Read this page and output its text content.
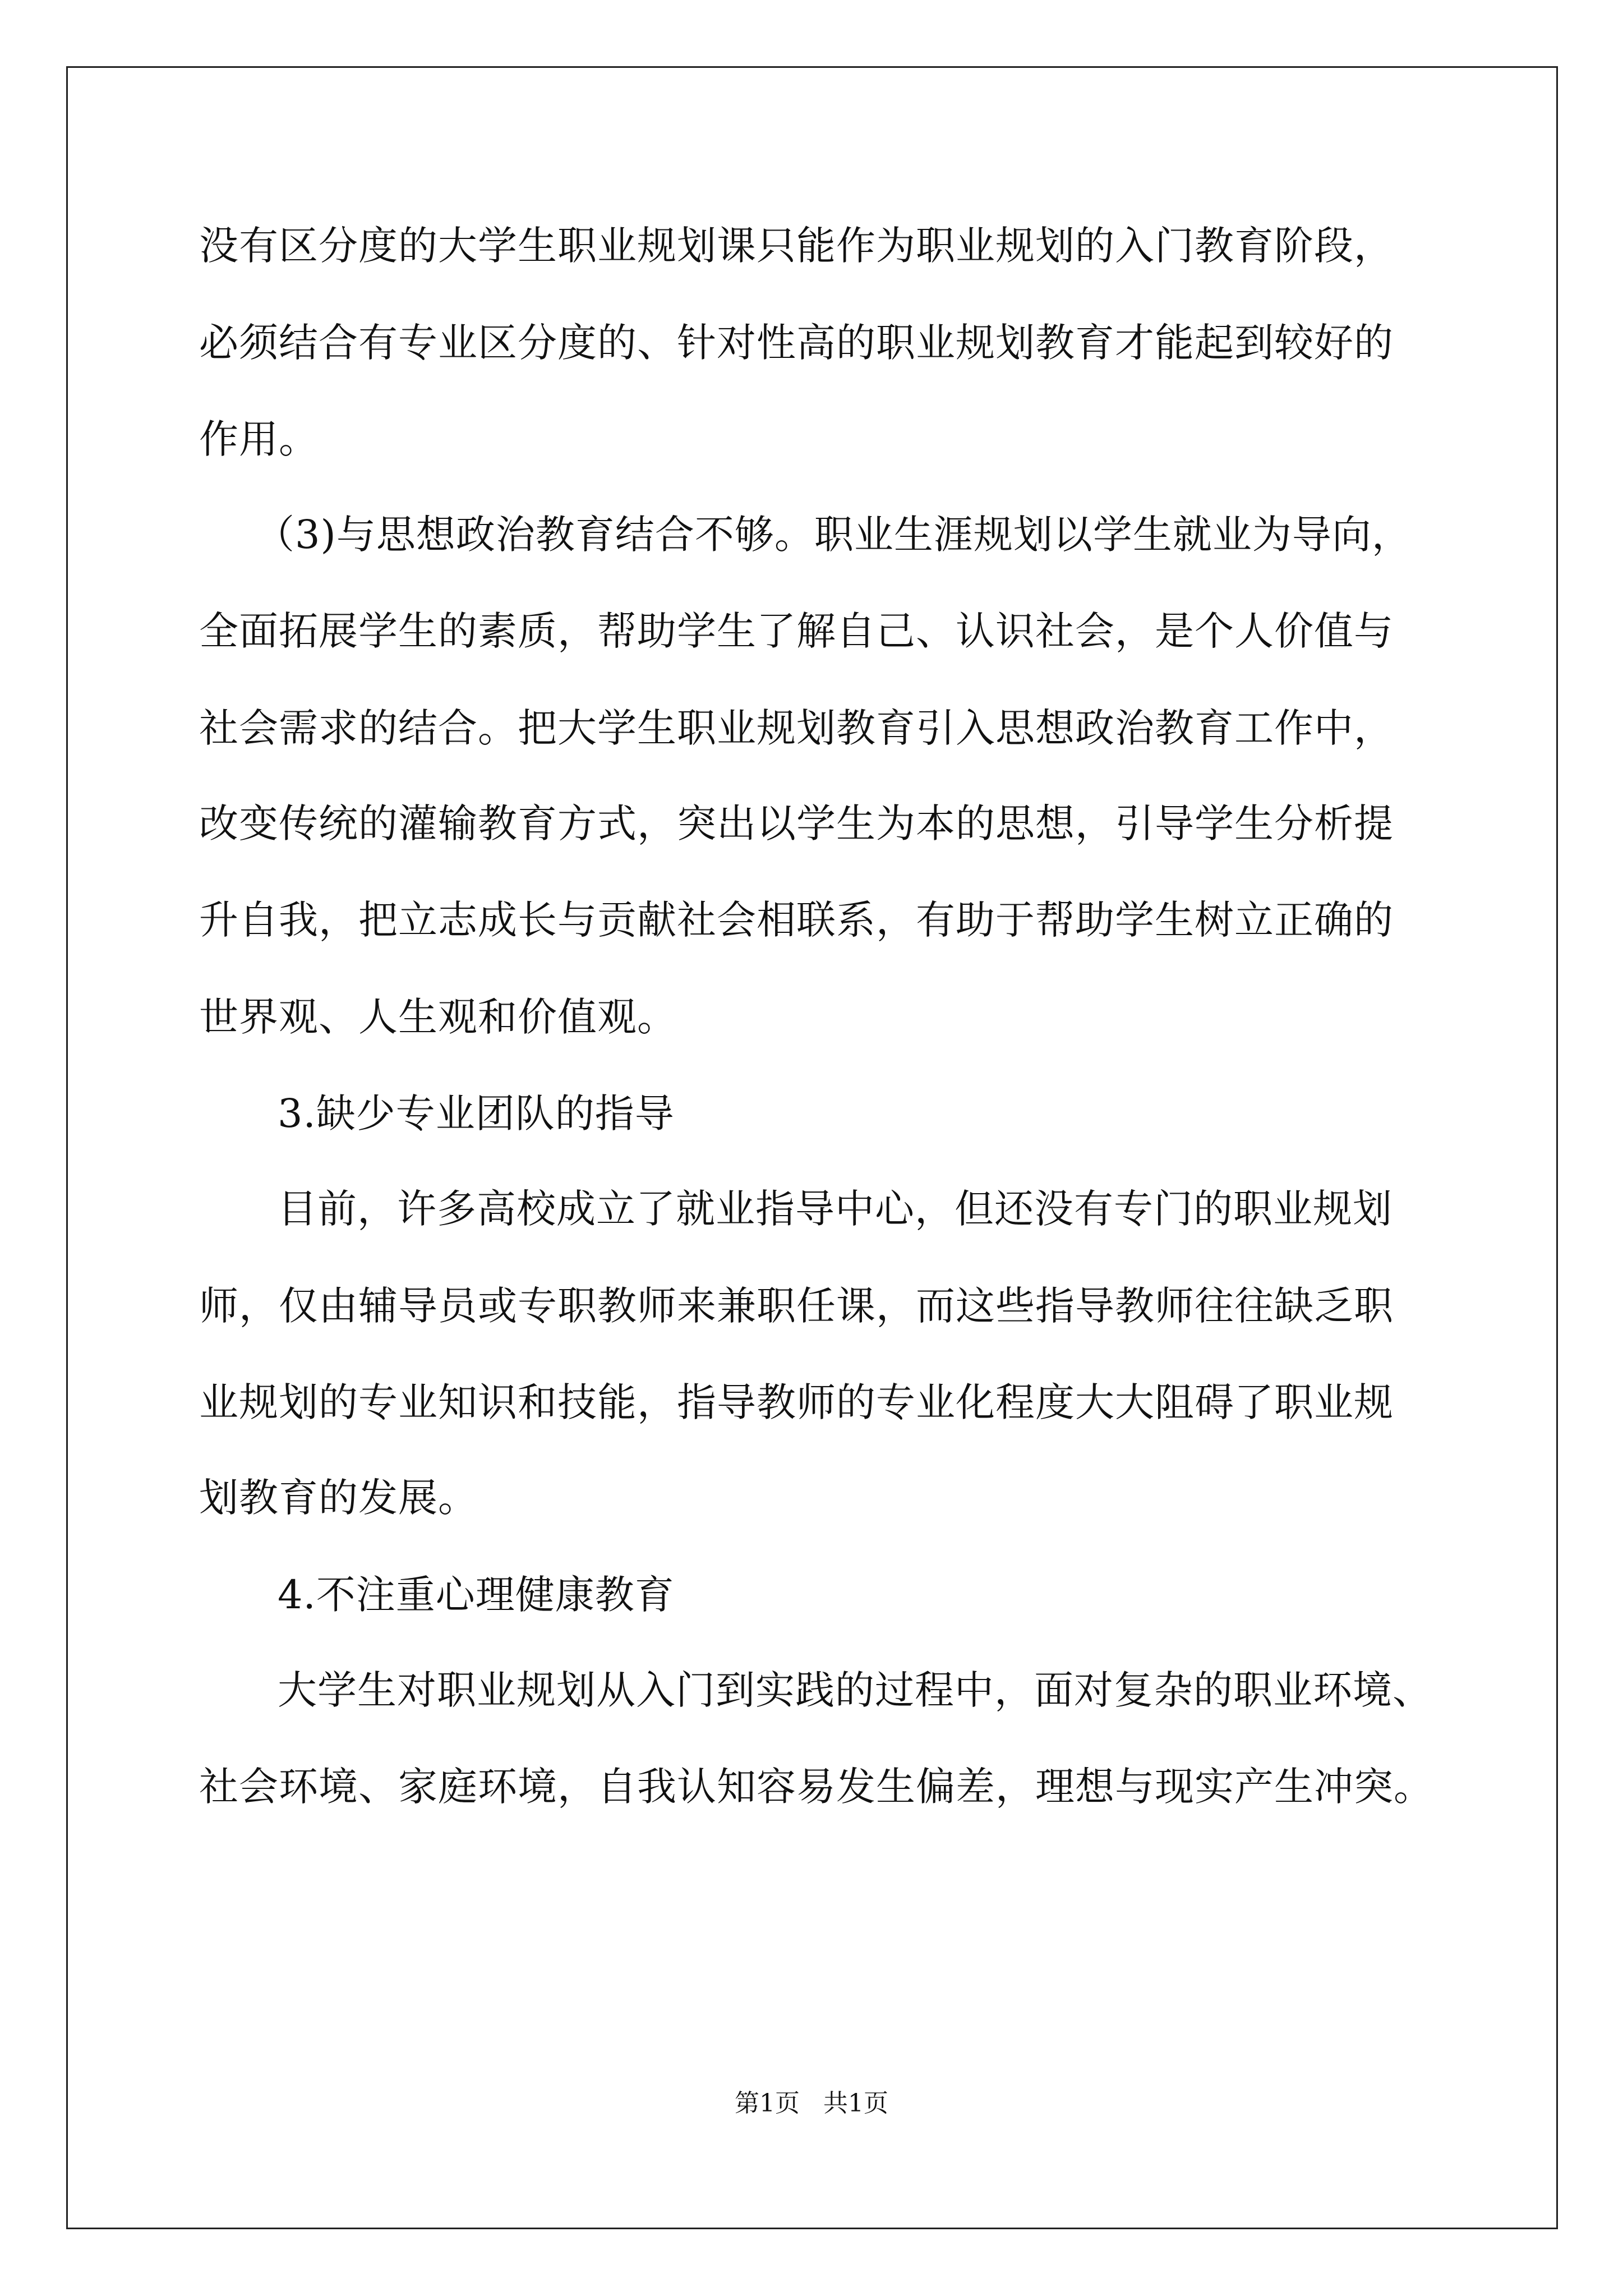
没有区分度的大学生职业规划课只能作为职业规划的入门教育阶段，
必须结合有专业区分度的、针对性高的职业规划教育才能起到较好的
作用。
（3)与思想政治教育结合不够。职业生涯规划以学生就业为导向，
全面拓展学生的素质，帮助学生了解自己、认识社会，是个人价值与
社会需求的结合。把大学生职业规划教育引入思想政治教育工作中，
改变传统的灌输教育方式，突出以学生为本的思想，引导学生分析提
升自我，把立志成长与贡献社会相联系，有助于帮助学生树立正确的
世界观、人生观和价值观。
3.缺少专业团队的指导
目前，许多高校成立了就业指导中心，但还没有专门的职业规划
师，仅由辅导员或专职教师来兼职任课，而这些指导教师往往缺乏职
业规划的专业知识和技能，指导教师的专业化程度大大阻碍了职业规
划教育的发展。
4.不注重心理健康教育
大学生对职业规划从入门到实践的过程中，面对复杂的职业环境、
社会环境、家庭环境，自我认知容易发生偏差，理想与现实产生冲突。
第1页   共1页
